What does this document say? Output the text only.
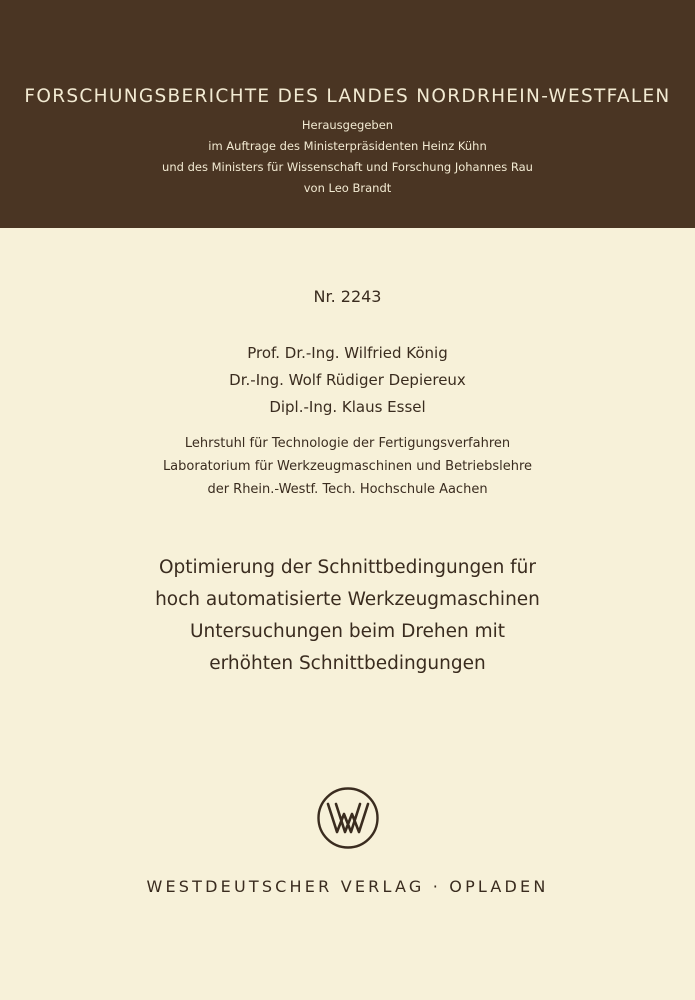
FORSCHUNGSBERICHTE DES LANDES NORDRHEIN-WESTFALEN
Herausgegeben
im Auftrage des Ministerpräsidenten Heinz Kühn
und des Ministers für Wissenschaft und Forschung Johannes Rau
von Leo Brandt
Nr. 2243
Prof. Dr.-Ing. Wilfried König
Dr.-Ing. Wolf Rüdiger Depiereux
Dipl.-Ing. Klaus Essel
Lehrstuhl für Technologie der Fertigungsverfahren
Laboratorium für Werkzeugmaschinen und Betriebslehre
der Rhein.-Westf. Tech. Hochschule Aachen
Optimierung der Schnittbedingungen für
hoch automatisierte Werkzeugmaschinen
Untersuchungen beim Drehen mit
erhöhten Schnittbedingungen
WESTDEUTSCHER VERLAG · OPLADEN
